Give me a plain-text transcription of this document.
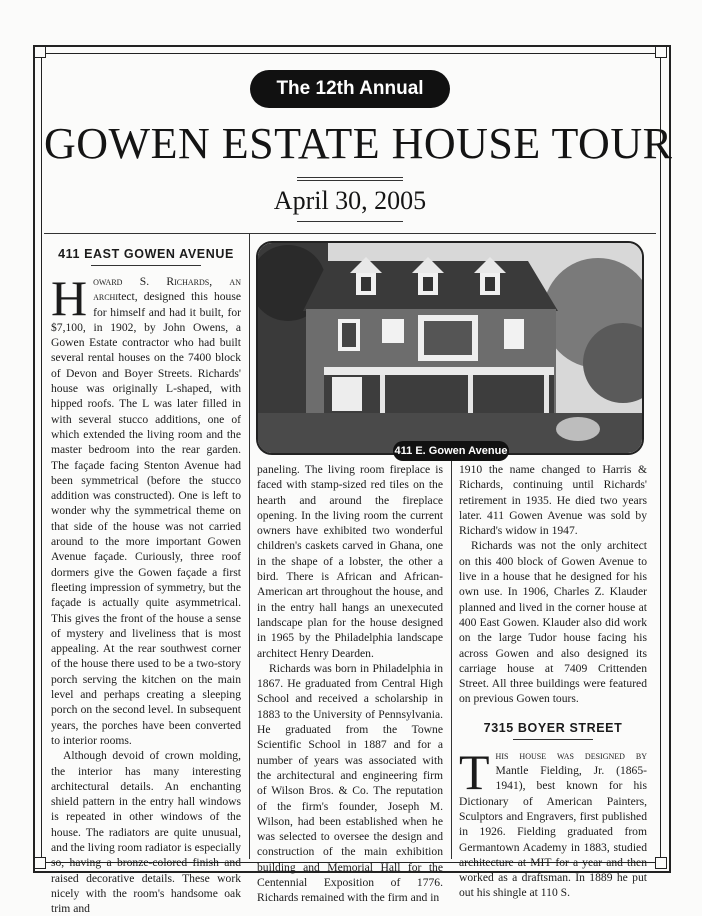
The 12th Annual
GOWEN ESTATE HOUSE TOUR
April 30, 2005
411 EAST GOWEN AVENUE

Howard S. Richards, an architect, designed this house for himself and had it built, for $7,100, in 1902, by John Owens, a Gowen Estate contractor who had built several rental houses on the 7400 block of Devon and Boyer Streets. Richards' house was originally L-shaped, with hipped roofs. The L was later filled in with several stucco additions, one of which extended the living room and the master bedroom into the rear garden. The façade facing Stenton Avenue had been symmetrical (before the stucco addition was constructed). One is left to wonder why the symmetrical theme on that side of the house was not carried around to the more important Gowen Avenue façade. Curiously, three roof dormers give the Gowen façade a first fleeting impression of symmetry, but the façade is actually quite asymmetrical. This gives the front of the house a sense of mystery and liveliness that is most appealing. At the rear southwest corner of the house there used to be a two-story porch serving the kitchen on the main level and perhaps creating a sleeping porch on the second level. In subsequent years, the porches have been converted to interior rooms.

Although devoid of crown molding, the interior has many interesting architectural details. An enchanting shield pattern in the entry hall windows is repeated in other windows of the house. The radiators are quite unusual, and the living room radiator is especially so, having a bronze-colored finish and raised decorative details. These work nicely with the room's handsome oak trim and

411 E. Gowen Avenue

paneling. The living room fireplace is faced with stamp-sized red tiles on the hearth and around the fireplace opening. In the living room the current owners have exhibited two wonderful children's caskets carved in Ghana, one in the shape of a lobster, the other a bird. There is African and African-American art throughout the house, and in the entry hall hangs an unexecuted landscape plan for the house designed in 1965 by the Philadelphia landscape architect Henry Dearden.

Richards was born in Philadelphia in 1867. He graduated from Central High School and received a scholarship in 1883 to the University of Pennsylvania. He graduated from the Towne Scientific School in 1887 and for a number of years was associated with the architectural and engineering firm of Wilson Bros. & Co. The reputation of the firm's founder, Joseph M. Wilson, had been established when he was selected to oversee the design and construction of the main exhibition building and Memorial Hall for the Centennial Exposition of 1776. Richards remained with the firm and in

1910 the name changed to Harris & Richards, continuing until Richards' retirement in 1935. He died two years later. 411 Gowen Avenue was sold by Richard's widow in 1947.

Richards was not the only architect on this 400 block of Gowen Avenue to live in a house that he designed for his own use. In 1906, Charles Z. Klauder planned and lived in the corner house at 400 East Gowen. Klauder also did work on the large Tudor house facing his across Gowen and also designed its carriage house at 7409 Crittenden Street. All three buildings were featured on previous Gowen tours.

7315 BOYER STREET

This house was designed by Mantle Fielding, Jr. (1865-1941), best known for his Dictionary of American Painters, Sculptors and Engravers, first published in 1926. Fielding graduated from Germantown Academy in 1883, studied architecture at MIT for a year and then worked as a draftsman. In 1889 he put out his shingle at 110 S.
